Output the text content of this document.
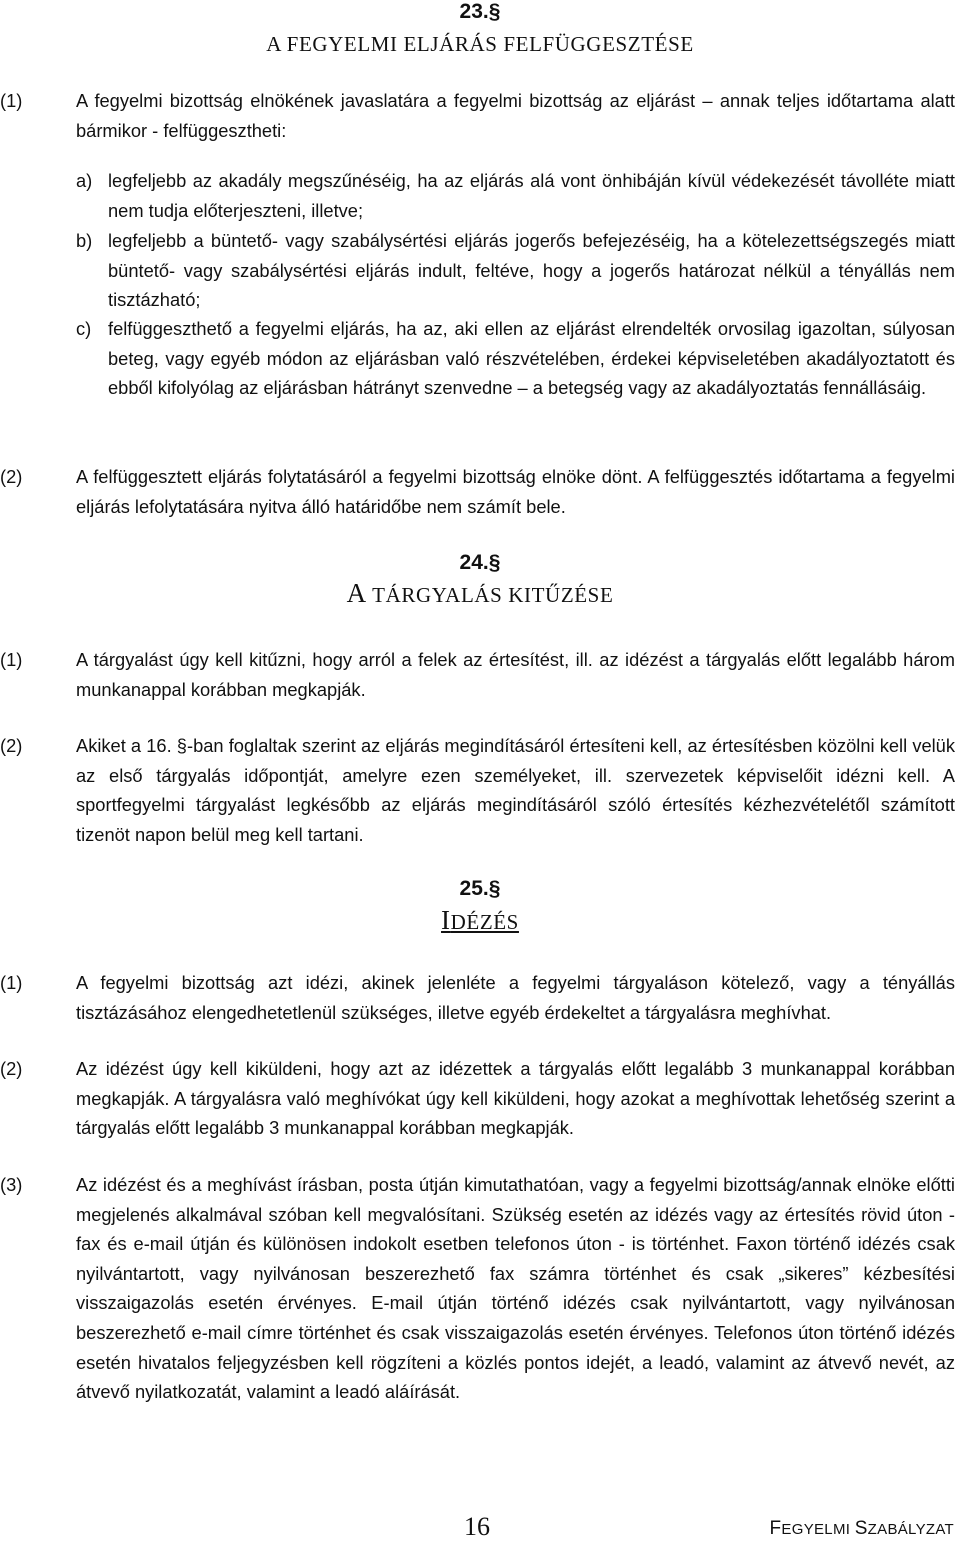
23.§
A FEGYELMI ELJÁRÁS FELFÜGGESZTÉSE
(1)	A fegyelmi bizottság elnökének javaslatára a fegyelmi bizottság az eljárást – annak teljes időtartama alatt bármikor - felfüggesztheti:
a) legfeljebb az akadály megszűnéséig, ha az eljárás alá vont önhibáján kívül védekezését távolléte miatt nem tudja előterjeszteni, illetve;
b) legfeljebb a büntető- vagy szabálysértési eljárás jogerős befejezéséig, ha a kötelezettségszegés miatt büntető- vagy szabálysértési eljárás indult, feltéve, hogy a jogerős határozat nélkül a tényállás nem tisztázható;
c) felfüggeszthető a fegyelmi eljárás, ha az, aki ellen az eljárást elrendelték orvosilag igazoltan, súlyosan beteg, vagy egyéb módon az eljárásban való részvételében, érdekei képviseletében akadályoztatott és ebből kifolyólag az eljárásban hátrányt szenvedne – a betegség vagy az akadályoztatás fennállásáig.
(2)	A felfüggesztett eljárás folytatásáról a fegyelmi bizottság elnöke dönt. A felfüggesztés időtartama a fegyelmi eljárás lefolytatására nyitva álló határidőbe nem számít bele.
24.§
A TÁRGYALÁS KITŰZÉSE
(1)	A tárgyalást úgy kell kitűzni, hogy arról a felek az értesítést, ill. az idézést a tárgyalás előtt legalább három munkanappal korábban megkapják.
(2)	Akiket a 16. §-ban foglaltak szerint az eljárás megindításáról értesíteni kell, az értesítésben közölni kell velük az első tárgyalás időpontját, amelyre ezen személyeket, ill. szervezetek képviselőit idézni kell. A sportfegyelmi tárgyalást legkésőbb az eljárás megindításáról szóló értesítés kézhezvételétől számított tizenöt napon belül meg kell tartani.
25.§
IDÉZÉS
(1)	A fegyelmi bizottság azt idézi, akinek jelenléte a fegyelmi tárgyaláson kötelező, vagy a tényállás tisztázásához elengedhetetlenül szükséges, illetve egyéb érdekeltet a tárgyalásra meghívhat.
(2)	Az idézést úgy kell kiküldeni, hogy azt az idézettek a tárgyalás előtt legalább 3 munkanappal korábban megkapják. A tárgyalásra való meghívókat úgy kell kiküldeni, hogy azokat a meghívottak lehetőség szerint a tárgyalás előtt legalább 3 munkanappal korábban megkapják.
(3)	Az idézést és a meghívást írásban, posta útján kimutathatóan, vagy a fegyelmi bizottság/annak elnöke előtti megjelenés alkalmával szóban kell megvalósítani. Szükség esetén az idézés vagy az értesítés rövid úton - fax és e-mail útján és különösen indokolt esetben telefonos úton - is történhet. Faxon történő idézés csak nyilvántartott, vagy nyilvánosan beszerezhető fax számra történhet és csak „sikeres” kézbesítési visszaigazolás esetén érvényes. E-mail útján történő idézés csak nyilvántartott, vagy nyilvánosan beszerezhető e-mail címre történhet és csak visszaigazolás esetén érvényes. Telefonos úton történő idézés esetén hivatalos feljegyzésben kell rögzíteni a közlés pontos idejét, a leadó, valamint az átvevő nevét, az átvevő nyilatkozatát, valamint a leadó aláírását.
16	FEGYELMI SZABÁLYZAT
